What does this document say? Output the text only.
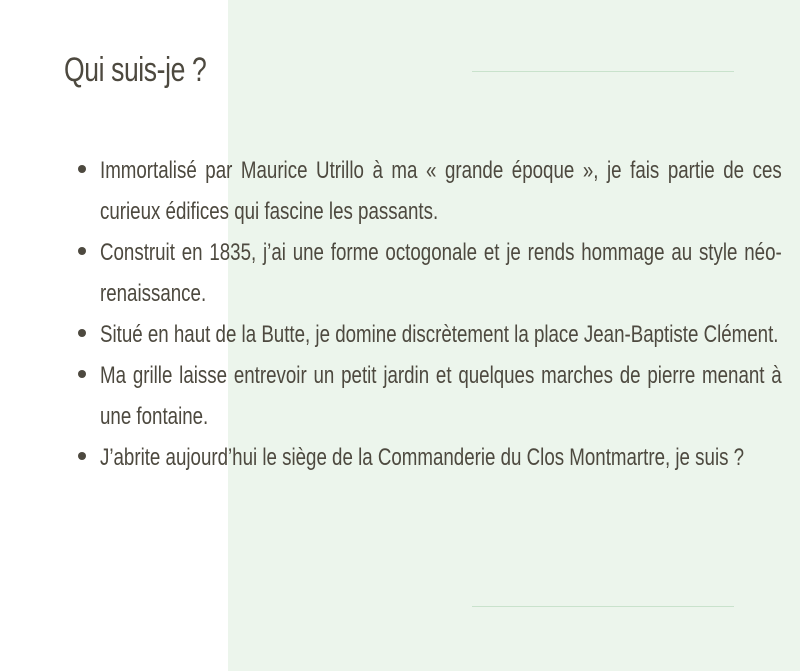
Qui suis-je ?
Immortalisé par Maurice Utrillo à ma « grande époque », je fais partie de ces curieux édifices qui fascine les passants.
Construit en 1835, j’ai une forme octogonale et je rends hommage au style néo-renaissance.
Situé en haut de la Butte, je domine discrètement la place Jean-Baptiste Clément.
Ma grille laisse entrevoir un petit jardin et quelques marches de pierre menant à une fontaine.
J’abrite aujourd’hui le siège de la Commanderie du Clos Montmartre, je suis ?
